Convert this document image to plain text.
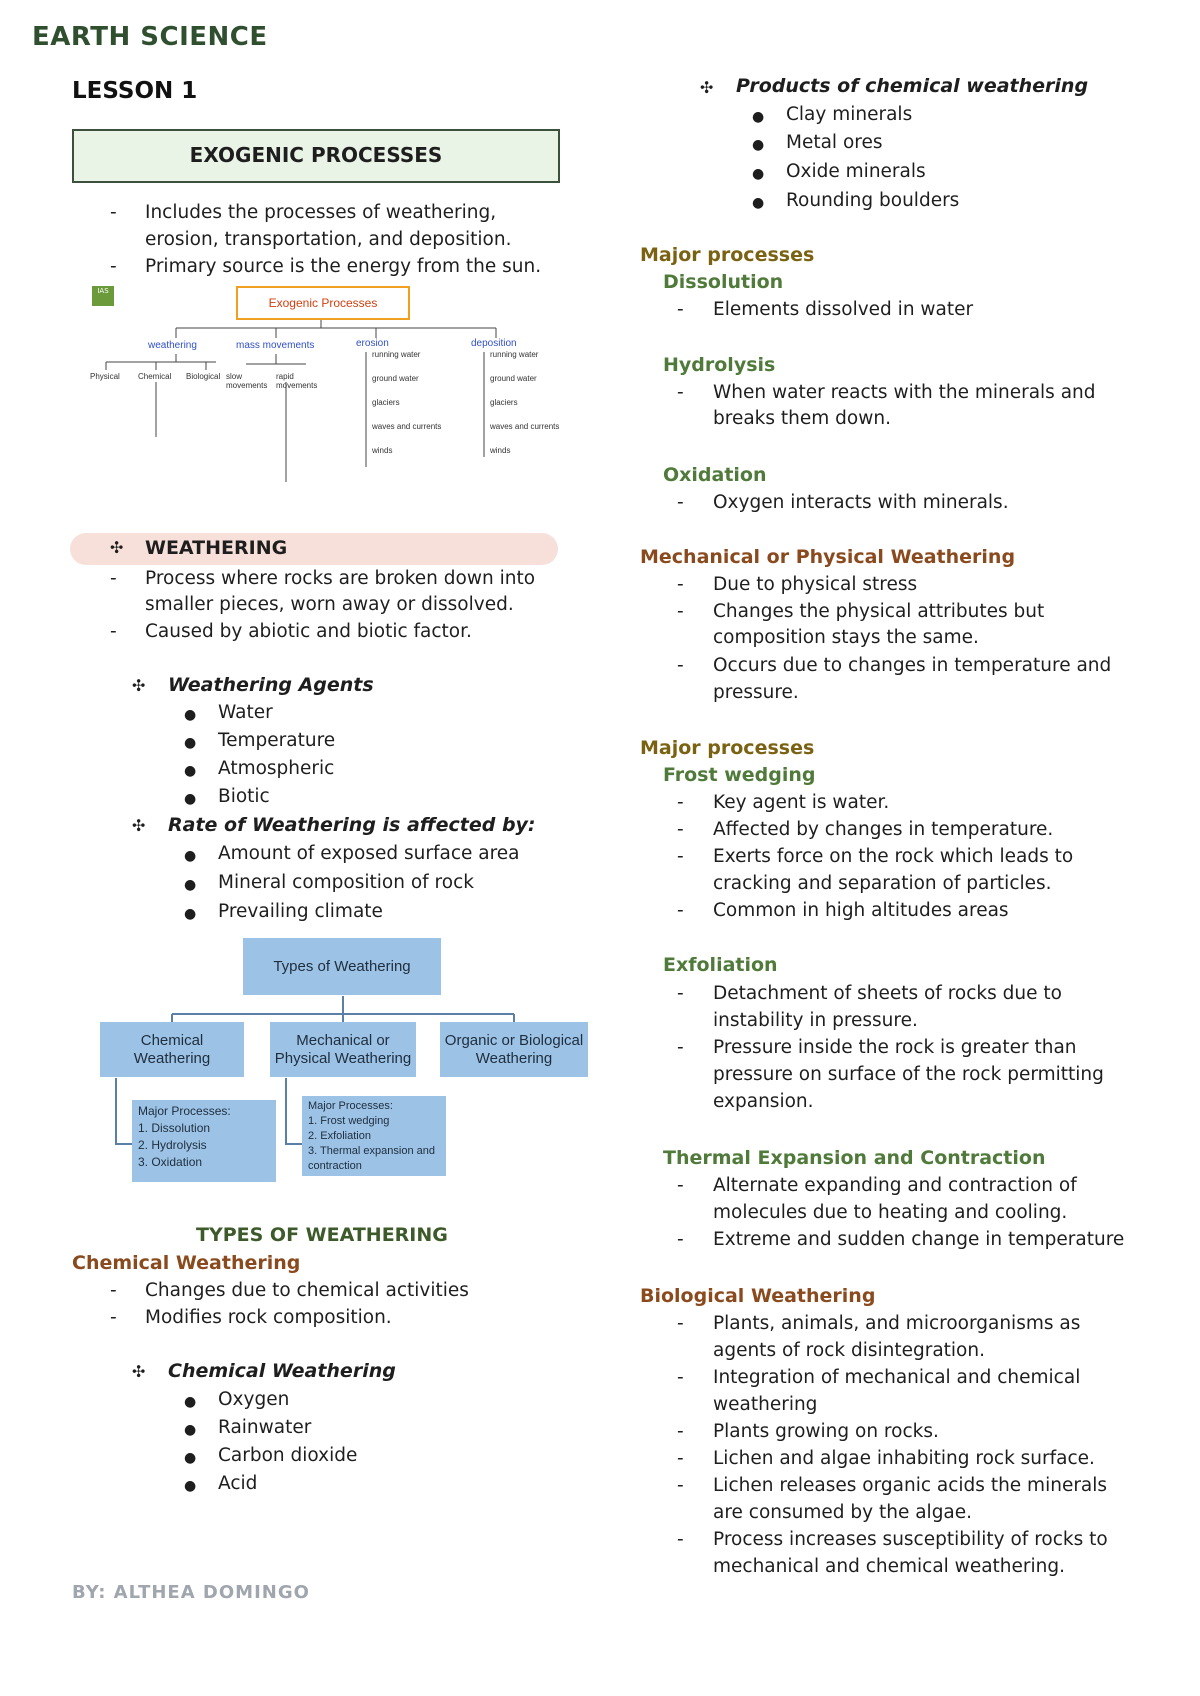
EARTH SCIENCE
LESSON 1
EXOGENIC PROCESSES
- Includes the processes of weathering,
erosion, transportation, and deposition.
- Primary source is the energy from the sun.
IAS
Exogenic Processes
weathering	mass movements	erosion	deposition
Physical Chemical Biological slow movements
rapid movements
running water
ground water
glaciers
waves and currents
winds
running water
ground water
glaciers
waves and currents
winds
✣ WEATHERING
- Process where rocks are broken down into
smaller pieces, worn away or dissolved.
- Caused by abiotic and biotic factor.
✣ Weathering Agents
● Water
● Temperature
● Atmospheric
● Biotic
✣ Rate of Weathering is affected by:
● Amount of exposed surface area
● Mineral composition of rock
● Prevailing climate
Types of Weathering
Chemical Weathering
Mechanical or Physical Weathering
Organic or Biological Weathering
Major Processes:
1. Dissolution
2. Hydrolysis
3. Oxidation
Major Processes:
1. Frost wedging
2. Exfoliation
3. Thermal expansion and contraction
TYPES OF WEATHERING
Chemical Weathering
- Changes due to chemical activities
- Modifies rock composition.
✣ Chemical Weathering
● Oxygen
● Rainwater
● Carbon dioxide
● Acid
BY: ALTHEA DOMINGO
✣ Products of chemical weathering
● Clay minerals
● Metal ores
● Oxide minerals
● Rounding boulders
Major processes
Dissolution
- Elements dissolved in water
Hydrolysis
- When water reacts with the minerals and
breaks them down.
Oxidation
- Oxygen interacts with minerals.
Mechanical or Physical Weathering
- Due to physical stress
- Changes the physical attributes but
composition stays the same.
- Occurs due to changes in temperature and
pressure.
Major processes
Frost wedging
- Key agent is water.
- Affected by changes in temperature.
- Exerts force on the rock which leads to
cracking and separation of particles.
- Common in high altitudes areas
Exfoliation
- Detachment of sheets of rocks due to
instability in pressure.
- Pressure inside the rock is greater than
pressure on surface of the rock permitting
expansion.
Thermal Expansion and Contraction
- Alternate expanding and contraction of
molecules due to heating and cooling.
- Extreme and sudden change in temperature
Biological Weathering
- Plants, animals, and microorganisms as
agents of rock disintegration.
- Integration of mechanical and chemical
weathering
- Plants growing on rocks.
- Lichen and algae inhabiting rock surface.
- Lichen releases organic acids the minerals
are consumed by the algae.
- Process increases susceptibility of rocks to
mechanical and chemical weathering.
